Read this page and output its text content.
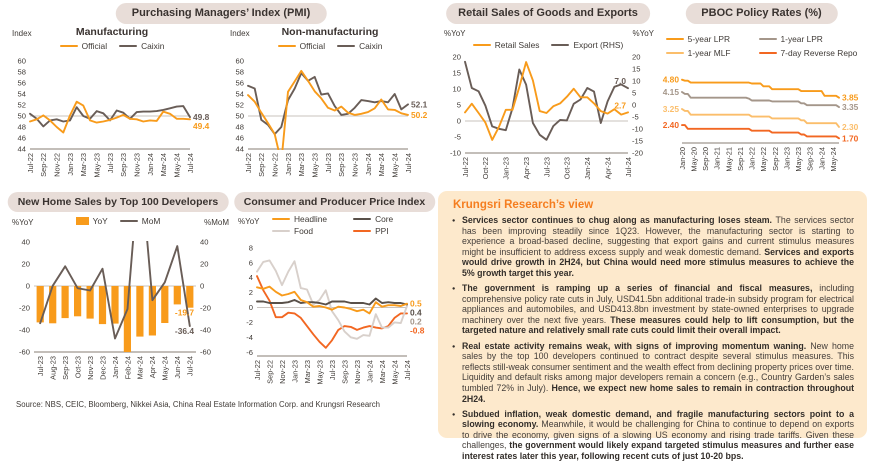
Purchasing Managers’ Index (PMI)
Index	Manufacturing
Official	Caixin
44
46
48
50
52
54
56
58
60
Jul-22 Sep-22 Nov-22 Jan-23 Mar-23 May-23 Jul-23 Sep-23 Nov-23 Jan-24 Mar-24 May-24 Jul-24
49.8
49.4
Index	Non-manufacturing
Official	Caixin
44
46
48
50
52
54
56
58
60
Jul-22 Sep-22 Nov-22 Jan-23 Mar-23 May-23 Jul-23 Sep-23 Nov-23 Jan-24 Mar-24 May-24 Jul-24
52.1
50.2
Retail Sales of Goods and Exports
%YoY	%YoY
Retail Sales	Export (RHS)
-10
-5
0
5
10
15
20
-20
-15
-10
-5
0
5
10
15
20
Jul-22 Oct-22 Jan-23 Apr-23 Jul-23 Oct-23 Jan-24 Apr-24 Jul-24
7.0
2.7
PBOC Policy Rates (%)
5-year LPR	1-year LPR
1-year MLF	7-day Reverse Repo
Jan-20 May-20 Sep-20 Jan-21 May-21 Sep-21 Jan-22 May-22 Sep-22 Jan-23 May-23 Sep-23 Jan-24 May-24
4.80
4.15
3.25
2.40
3.85
3.35
2.30
1.70
New Home Sales by Top 100 Developers
%YoY	%MoM
YoY	MoM
-60
-40
-20
0
20
40
-60
-40
-20
0
20
40
Jul-23 Aug-23 Sep-23 Oct-23 Nov-23 Dec-23 Jan-24 Feb-24 Mar-24 Apr-24 May-24 Jun-24 Jul-24
-19.7
-36.4
Consumer and Producer Price Index
%YoY	Headline	Core
Food	PPI
-6
-4
-2
0
2
4
6
8
Jul-22 Sep-22 Nov-22 Jan-23 Mar-23 May-23 Jul-23 Sep-23 Nov-23 Jan-24 Mar-24 May-24 Jul-24
0.5
0.4
0.2
-0.8
Krungsri Research’s view
● Services sector continues to chug along as manufacturing loses steam. The services sector has been improving steadily since 1Q23. However, the manufacturing sector is starting to experience a broad-based decline, suggesting that export gains and current stimulus measures might be insufficient to address excess supply and weak domestic demand. Services and exports would drive growth in 2H24, but China would need more stimulus measures to achieve the 5% growth target this year.
● The government is ramping up a series of financial and fiscal measures, including comprehensive policy rate cuts in July, USD41.5bn additional trade-in subsidy program for electrical appliances and automobiles, and USD413.8bn investment by state-owned enterprises to upgrade machinery over the next five years. These measures could help to lift consumption, but the targeted nature and relatively small rate cuts could limit their overall impact.
● Real estate activity remains weak, with signs of improving momentum waning. New home sales by the top 100 developers continued to contract despite several stimulus measures. This reflects still-weak consumer sentiment and the wealth effect from declining property prices over time. Liquidity and default risks among major developers remain a concern (e.g., Country Garden’s sales tumbled 72% in July). Hence, we expect new home sales to remain in contraction throughout 2H24.
● Subdued inflation, weak domestic demand, and fragile manufacturing sectors point to a slowing economy. Meanwhile, it would be challenging for China to continue to depend on exports to drive the economy, given signs of a slowing US economy and rising trade tariffs. Given these challenges, the government would likely expand targeted stimulus measures and further ease interest rates later this year, following recent cuts of just 10-20 bps.
Source: NBS, CEIC, Bloomberg, Nikkei Asia, China Real Estate Information Corp. and Krungsri Research
